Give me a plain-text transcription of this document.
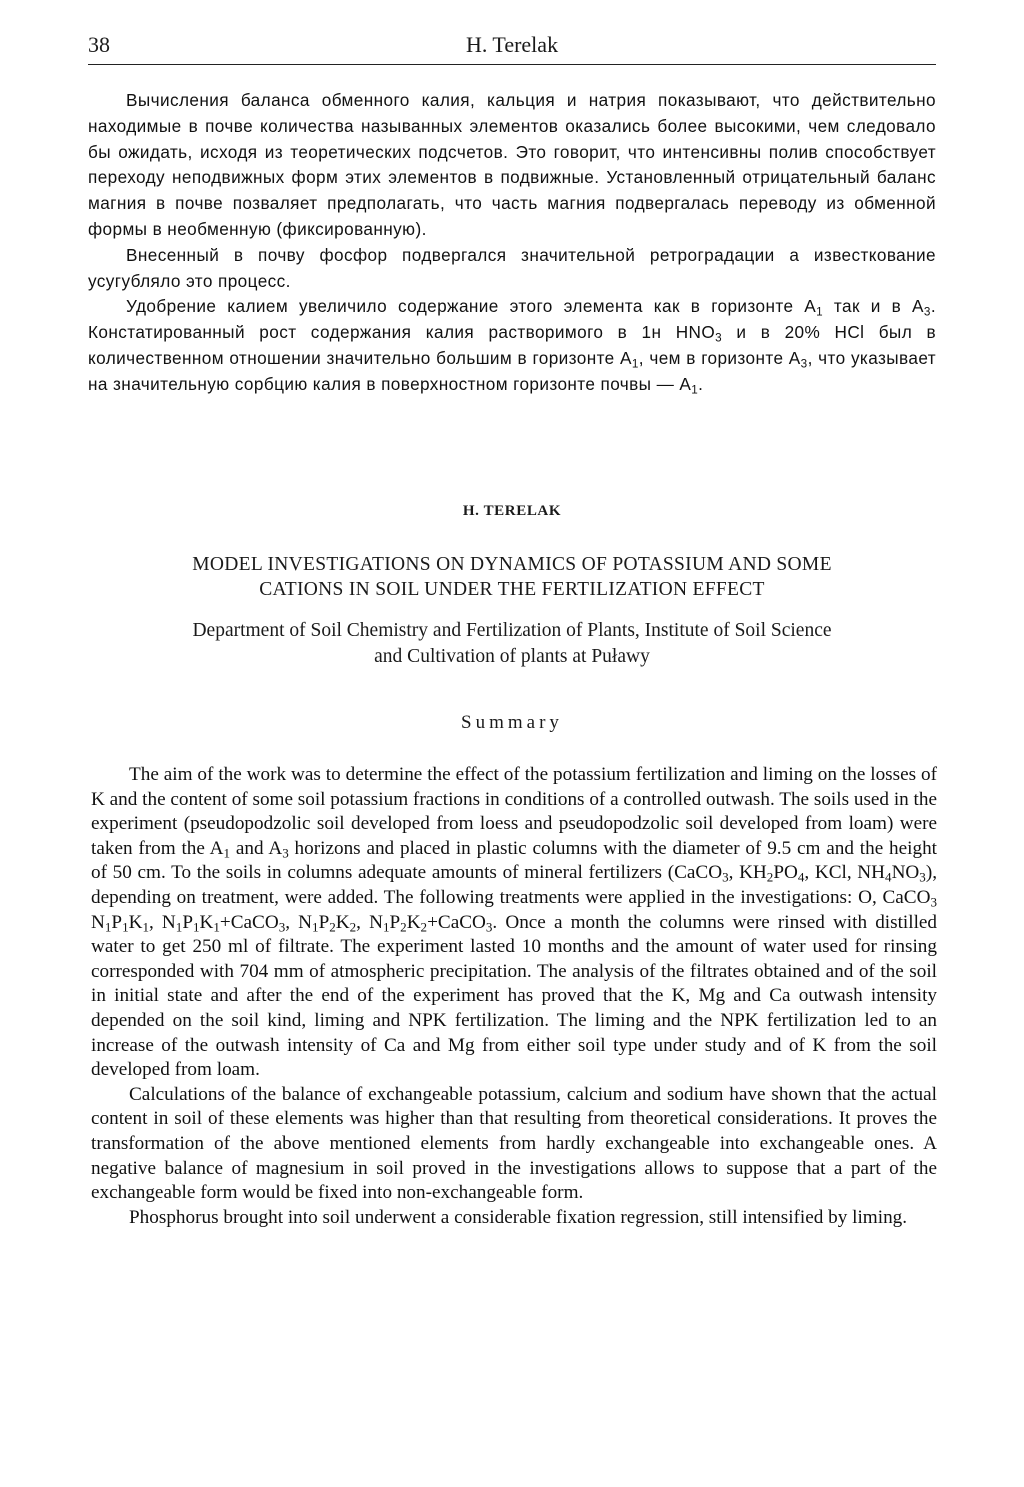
38	H. Terelak

Вычисления баланса обменного калия, кальция и натрия показывают, что действительно находимые в почве количества называнных элементов оказались более высокими, чем следовало бы ожидать, исходя из теоретических подсчетов. Это говорит, что интенсивны полив способствует переходу неподвижных форм этих элементов в подвижные. Установленный отрицательный баланс магния в почве позваляет предполагать, что часть магния подвергалась переводу из обменной формы в необменную (фиксированную).

Внесенный в почву фосфор подвергался значительной ретроградации а известкование усугубляло это процесс.

Удобрение калием увеличило содержание этого элемента как в горизонте $A_1$ так и в $A_3$. Констатированный рост содержания калия растворимого в 1н $HNO_3$ и в 20% HCl был в количественном отношении значительно большим в горизонте $A_1$, чем в горизонте $A_3$, что указывает на значительную сорбцию калия в поверхностном горизонте почвы — $A_1$.

H. TERELAK
MODEL INVESTIGATIONS ON DYNAMICS OF POTASSIUM AND SOME
CATIONS IN SOIL UNDER THE FERTILIZATION EFFECT
Department of Soil Chemistry and Fertilization of Plants, Institute of Soil Science
and Cultivation of plants at Puławy
Summary

The aim of the work was to determine the effect of the potassium fertilization and liming on the losses of K and the content of some soil potassium fractions in conditions of a controlled outwash. The soils used in the experiment (pseudopodzolic soil developed from loess and pseudopodzolic soil developed from loam) were taken from the $A_1$ and $A_3$ horizons and placed in plastic columns with the diameter of 9.5 cm and the height of 50 cm. To the soils in columns adequate amounts of mineral fertilizers (CaCO$_3$, $KH_2PO_4$, KCl, $NH_4NO_3$), depending on treatment, were added. The following treatments were applied in the investigations: O, CaCO$_3$ $N_1P_1K_1$, $N_1P_1K_1+CaCO_3$, $N_1P_2K_2$, $N_1P_2K_2+CaCO_3$. Once a month the columns were rinsed with distilled water to get 250 ml of filtrate. The experiment lasted 10 months and the amount of water used for rinsing corresponded with 704 mm of atmospheric precipitation. The analysis of the filtrates obtained and of the soil in initial state and after the end of the experiment has proved that the K, Mg and Ca outwash intensity depended on the soil kind, liming and NPK fertilization. The liming and the NPK fertilization led to an increase of the outwash intensity of Ca and Mg from either soil type under study and of K from the soil developed from loam.

Calculations of the balance of exchangeable potassium, calcium and sodium have shown that the actual content in soil of these elements was higher than that resulting from theoretical considerations. It proves the transformation of the above mentioned elements from hardly exchangeable into exchangeable ones. A negative balance of magnesium in soil proved in the investigations allows to suppose that a part of the exchangeable form would be fixed into non-exchangeable form.

Phosphorus brought into soil underwent a considerable fixation regression, still intensified by liming.
